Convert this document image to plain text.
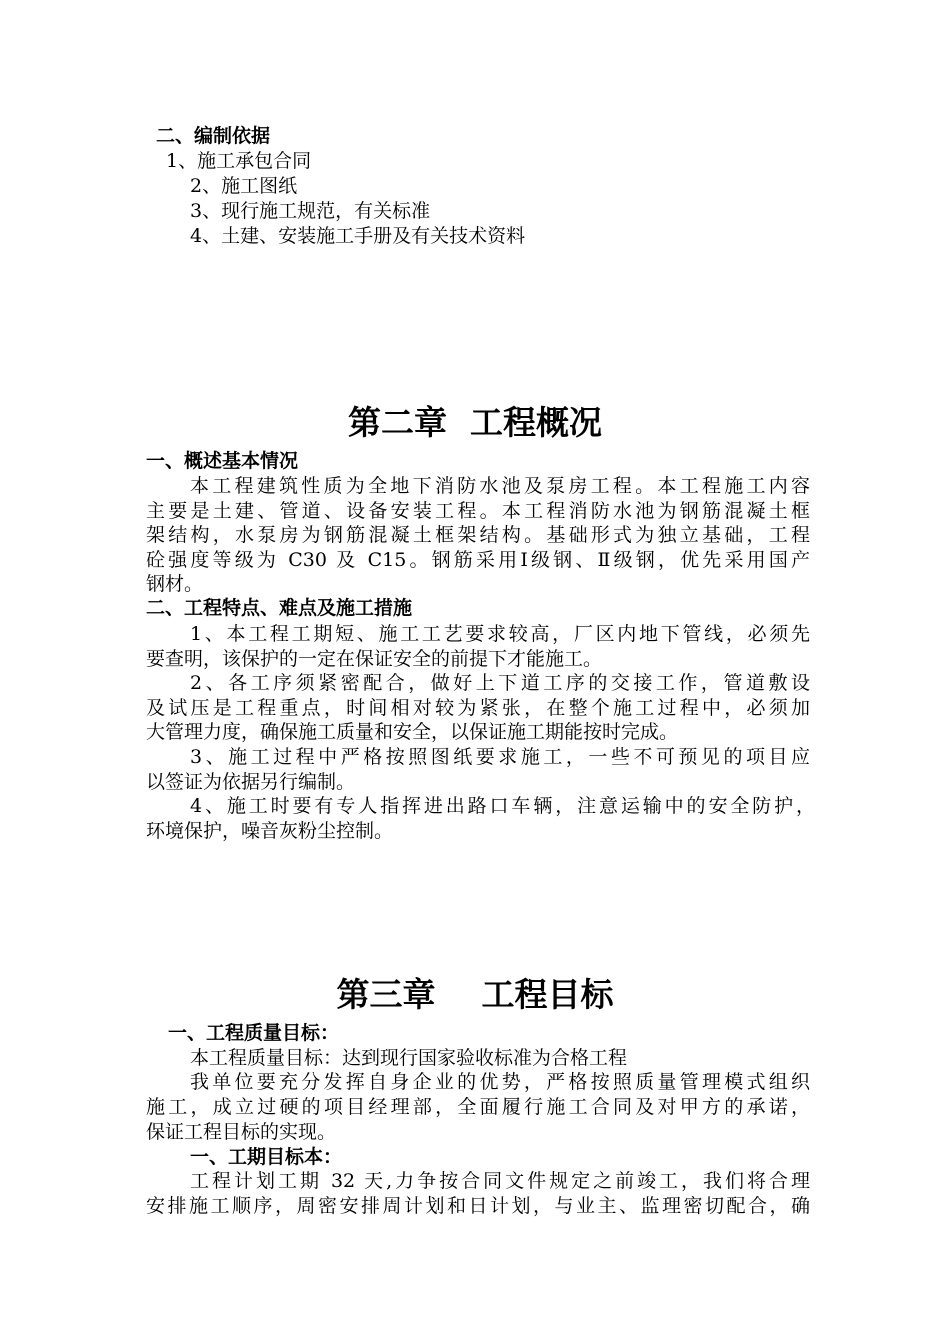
二、编制依据
1、施工承包合同
2、施工图纸
3、现行施工规范，有关标准
4、土建、安装施工手册及有关技术资料
第二章  工程概况
一、概述基本情况
本工程建筑性质为全地下消防水池及泵房工程。本工程施工内容
主要是土建、管道、设备安装工程。本工程消防水池为钢筋混凝土框
架结构，水泵房为钢筋混凝土框架结构。基础形式为独立基础，工程
砼强度等级为 C30 及 C15。钢筋采用Ⅰ级钢、Ⅱ级钢，优先采用国产
钢材。
二、工程特点、难点及施工措施
1、本工程工期短、施工工艺要求较高，厂区内地下管线，必须先
要查明，该保护的一定在保证安全的前提下才能施工。
2、各工序须紧密配合，做好上下道工序的交接工作，管道敷设
及试压是工程重点，时间相对较为紧张，在整个施工过程中，必须加
大管理力度，确保施工质量和安全，以保证施工期能按时完成。
3、施工过程中严格按照图纸要求施工，一些不可预见的项目应
以签证为依据另行编制。
4、施工时要有专人指挥进出路口车辆，注意运输中的安全防护，
环境保护，噪音灰粉尘控制。
第三章    工程目标
一、工程质量目标：
本工程质量目标：达到现行国家验收标准为合格工程
我单位要充分发挥自身企业的优势，严格按照质量管理模式组织
施工，成立过硬的项目经理部，全面履行施工合同及对甲方的承诺，
保证工程目标的实现。
一、工期目标本：
工程计划工期 32 天,力争按合同文件规定之前竣工，我们将合理
安排施工顺序，周密安排周计划和日计划，与业主、监理密切配合，确
